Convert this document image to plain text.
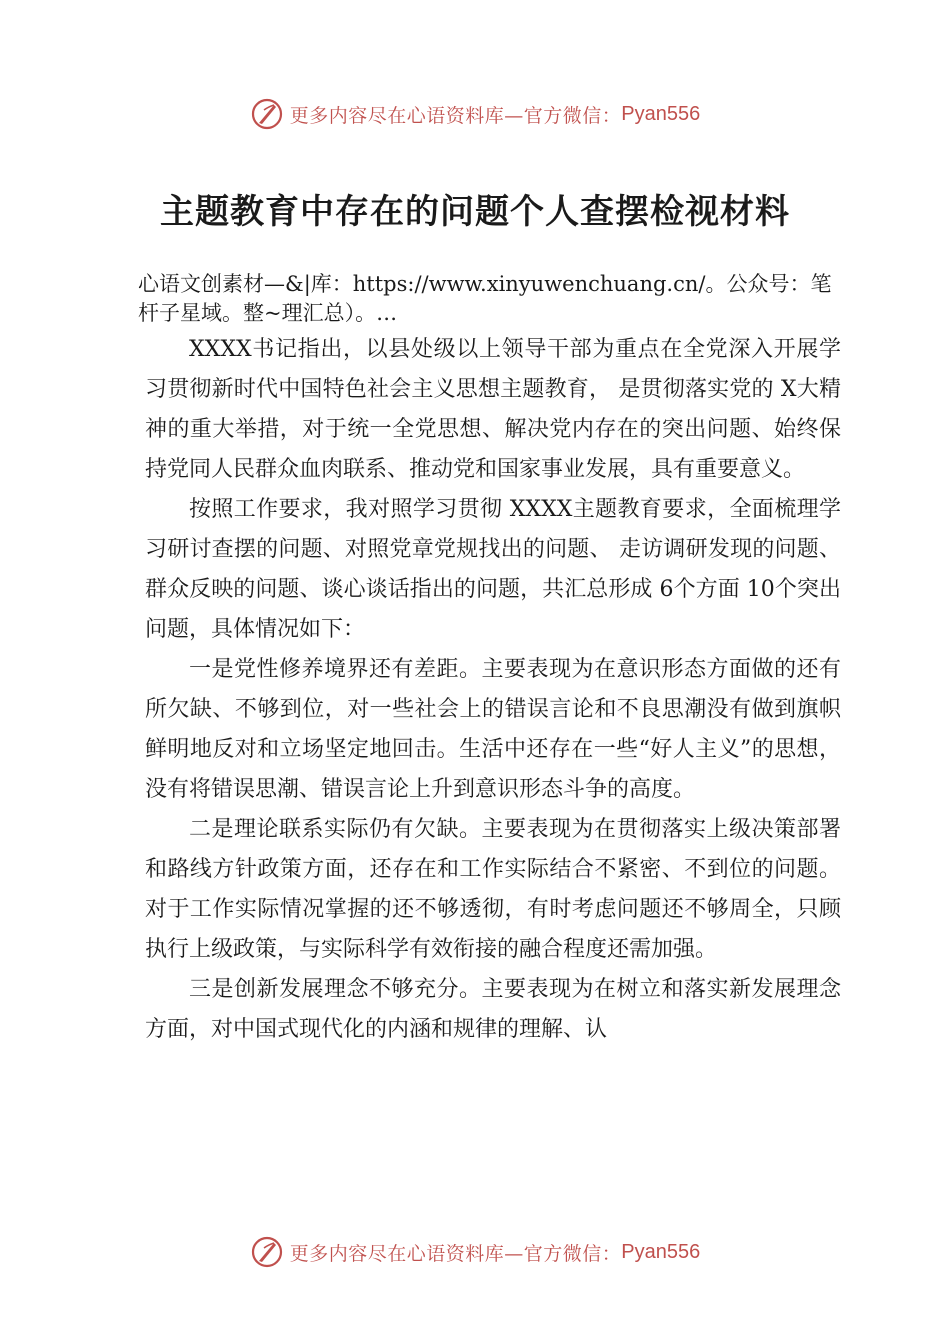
更多内容尽在心语资料库—官方微信： Pyan556
主题教育中存在的问题个人查摆检视材料

心语文创素材—&|库：https://www.xinyuwenchuang.cn/。公众号：笔杆子星域。整~理汇总）。…

XXXX书记指出，以县处级以上领导干部为重点在全党深入开展学习贯彻新时代中国特色社会主义思想主题教育， 是贯彻落实党的 X大精神的重大举措，对于统一全党思想、解决党内存在的突出问题、始终保持党同人民群众血肉联系、推动党和国家事业发展，具有重要意义。

按照工作要求，我对照学习贯彻 XXXX主题教育要求，全面梳理学习研讨查摆的问题、对照党章党规找出的问题、 走访调研发现的问题、群众反映的问题、谈心谈话指出的问题，共汇总形成 6个方面 10个突出问题，具体情况如下：

一是党性修养境界还有差距。主要表现为在意识形态方面做的还有所欠缺、不够到位，对一些社会上的错误言论和不良思潮没有做到旗帜鲜明地反对和立场坚定地回击。生活中还存在一些“好人主义”的思想，没有将错误思潮、错误言论上升到意识形态斗争的高度。

二是理论联系实际仍有欠缺。主要表现为在贯彻落实上级决策部署和路线方针政策方面，还存在和工作实际结合不紧密、不到位的问题。对于工作实际情况掌握的还不够透彻，有时考虑问题还不够周全，只顾执行上级政策，与实际科学有效衔接的融合程度还需加强。

三是创新发展理念不够充分。主要表现为在树立和落实新发展理念方面，对中国式现代化的内涵和规律的理解、认

更多内容尽在心语资料库—官方微信： Pyan556
